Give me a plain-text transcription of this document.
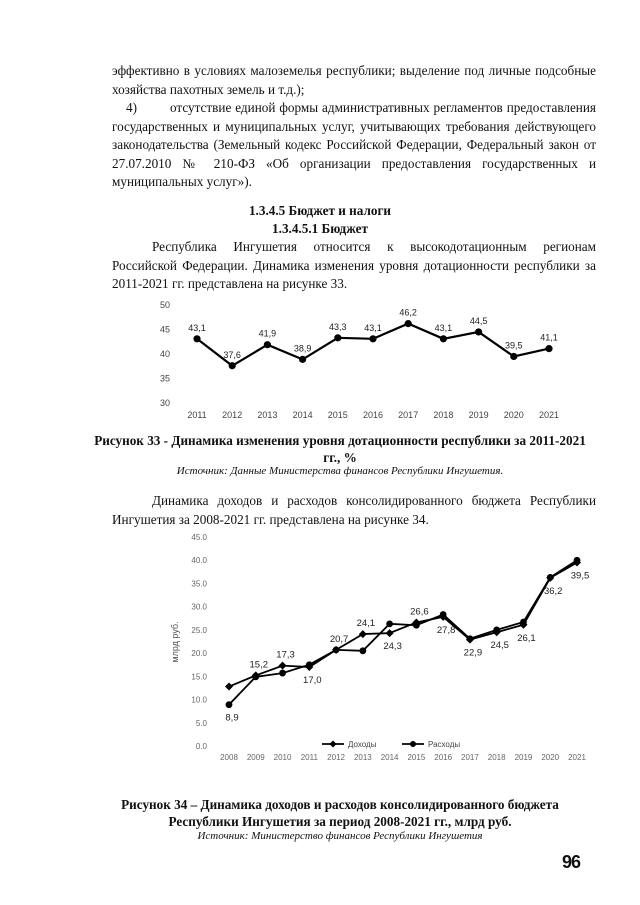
эффективно в условиях малоземелья республики; выделение под личные подсобные хозяйства пахотных земель и т.д.);
4)	отсутствие единой формы административных регламентов предоставления государственных и муниципальных услуг, учитывающих требования действующего законодательства (Земельный кодекс Российской Федерации, Федеральный закон от 27.07.2010 № 210-ФЗ «Об организации предоставления государственных и муниципальных услуг»).
1.3.4.5 Бюджет и налоги
1.3.4.5.1 Бюджет
Республика Ингушетия относится к высокодотационным регионам Российской Федерации. Динамика изменения уровня дотационности республики за 2011-2021 гг. представлена на рисунке 33.
30
35
40
45
50
2011 2012 2013 2014 2015 2016 2017 2018 2019 2020 2021
43,1
37,6
41,9
38,9
43,3 43,1
46,2
43,1
44,5
39,5
41,1
Рисунок 33 - Динамика изменения уровня дотационности республики за 2011-2021 гг., %
Источник: Данные Министерства финансов Республики Ингушетия.
Динамика доходов и расходов консолидированного бюджета Республики Ингушетия за 2008-2021 гг. представлена на рисунке 34.
0.0
5.0
10.0
15.0
20.0
25.0
30.0
35.0
40.0
45.0
2008 2009 2010 2011 2012 2013 2014 2015 2016 2017 2018 2019 2020 2021
млрд руб.
8,9
15,2
17,3
17,0
20,7
24,1
24,3
26,6
27,8
22,9
24,5
26,1
36,2
39,5
Доходы	Расходы
Рисунок 34 – Динамика доходов и расходов консолидированного бюджета Республики Ингушетия за период 2008-2021 гг., млрд руб.
Источник: Министерство финансов Республики Ингушетия
96
